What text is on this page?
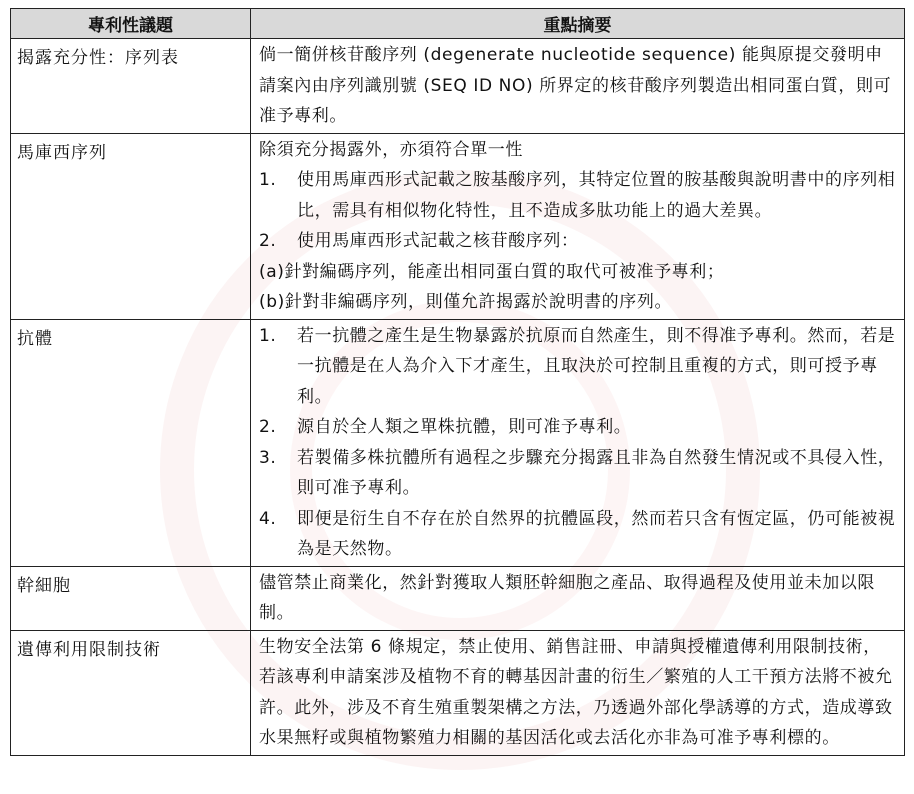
專利性議題	重點摘要
揭露充分性：序列表	倘一簡併核苷酸序列 (degenerate nucleotide sequence) 能與原提交發明申請案內由序列識別號 (SEQ ID NO) 所界定的核苷酸序列製造出相同蛋白質，則可准予專利。

馬庫西序列	除須充分揭露外，亦須符合單一性
1. 使用馬庫西形式記載之胺基酸序列，其特定位置的胺基酸與說明書中的序列相比，需具有相似物化特性，且不造成多肽功能上的過大差異。
2. 使用馬庫西形式記載之核苷酸序列：
(a)針對編碼序列，能產出相同蛋白質的取代可被准予專利；
(b)針對非編碼序列，則僅允許揭露於說明書的序列。

抗體	1. 若一抗體之產生是生物暴露於抗原而自然產生，則不得准予專利。然而，若是一抗體是在人為介入下才產生，且取決於可控制且重複的方式，則可授予專利。
2. 源自於全人類之單株抗體，則可准予專利。
3. 若製備多株抗體所有過程之步驟充分揭露且非為自然發生情況或不具侵入性，則可准予專利。
4. 即便是衍生自不存在於自然界的抗體區段，然而若只含有恆定區，仍可能被視為是天然物。

幹細胞	儘管禁止商業化，然針對獲取人類胚幹細胞之產品、取得過程及使用並未加以限制。

遺傳利用限制技術	生物安全法第 6 條規定，禁止使用、銷售註冊、申請與授權遺傳利用限制技術，若該專利申請案涉及植物不育的轉基因計畫的衍生／繁殖的人工干預方法將不被允許。此外，涉及不育生殖重製架構之方法，乃透過外部化學誘導的方式，造成導致水果無籽或與植物繁殖力相關的基因活化或去活化亦非為可准予專利標的。
